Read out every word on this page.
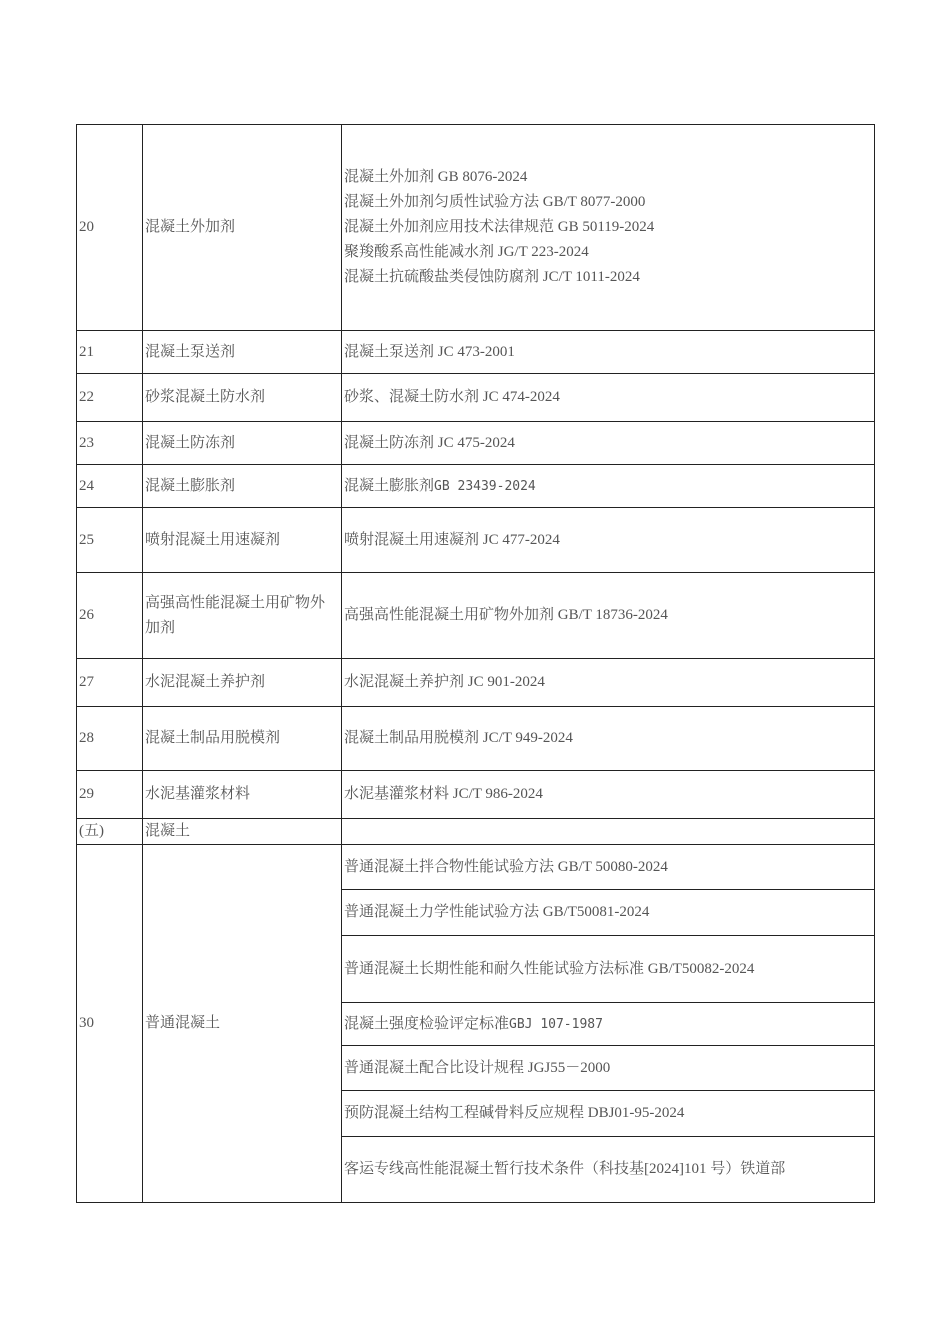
20	混凝土外加剂	混凝土外加剂 GB 8076-2024
混凝土外加剂匀质性试验方法 GB/T 8077-2000
混凝土外加剂应用技术法律规范 GB 50119-2024
聚羧酸系高性能减水剂 JG/T 223-2024
混凝土抗硫酸盐类侵蚀防腐剂 JC/T 1011-2024

21	混凝土泵送剂	混凝土泵送剂 JC 473-2001
22	砂浆混凝土防水剂	砂浆、混凝土防水剂 JC 474-2024
23	混凝土防冻剂	混凝土防冻剂 JC 475-2024
24	混凝土膨胀剂	混凝土膨胀剂GB 23439-2024
25	喷射混凝土用速凝剂	喷射混凝土用速凝剂 JC 477-2024
26	高强高性能混凝土用矿物外加剂	高强高性能混凝土用矿物外加剂 GB/T 18736-2024
27	水泥混凝土养护剂	水泥混凝土养护剂 JC 901-2024
28	混凝土制品用脱模剂	混凝土制品用脱模剂 JC/T 949-2024
29	水泥基灌浆材料	水泥基灌浆材料 JC/T 986-2024
(五)	混凝土	
30	普通混凝土	普通混凝土拌合物性能试验方法 GB/T 50080-2024
		普通混凝土力学性能试验方法 GB/T50081-2024
		普通混凝土长期性能和耐久性能试验方法标准 GB/T50082-2024
		混凝土强度检验评定标准GBJ 107-1987
		普通混凝土配合比设计规程 JGJ55－2000
		预防混凝土结构工程碱骨料反应规程 DBJ01-95-2024
		客运专线高性能混凝土暂行技术条件（科技基[2024]101 号）铁道部
